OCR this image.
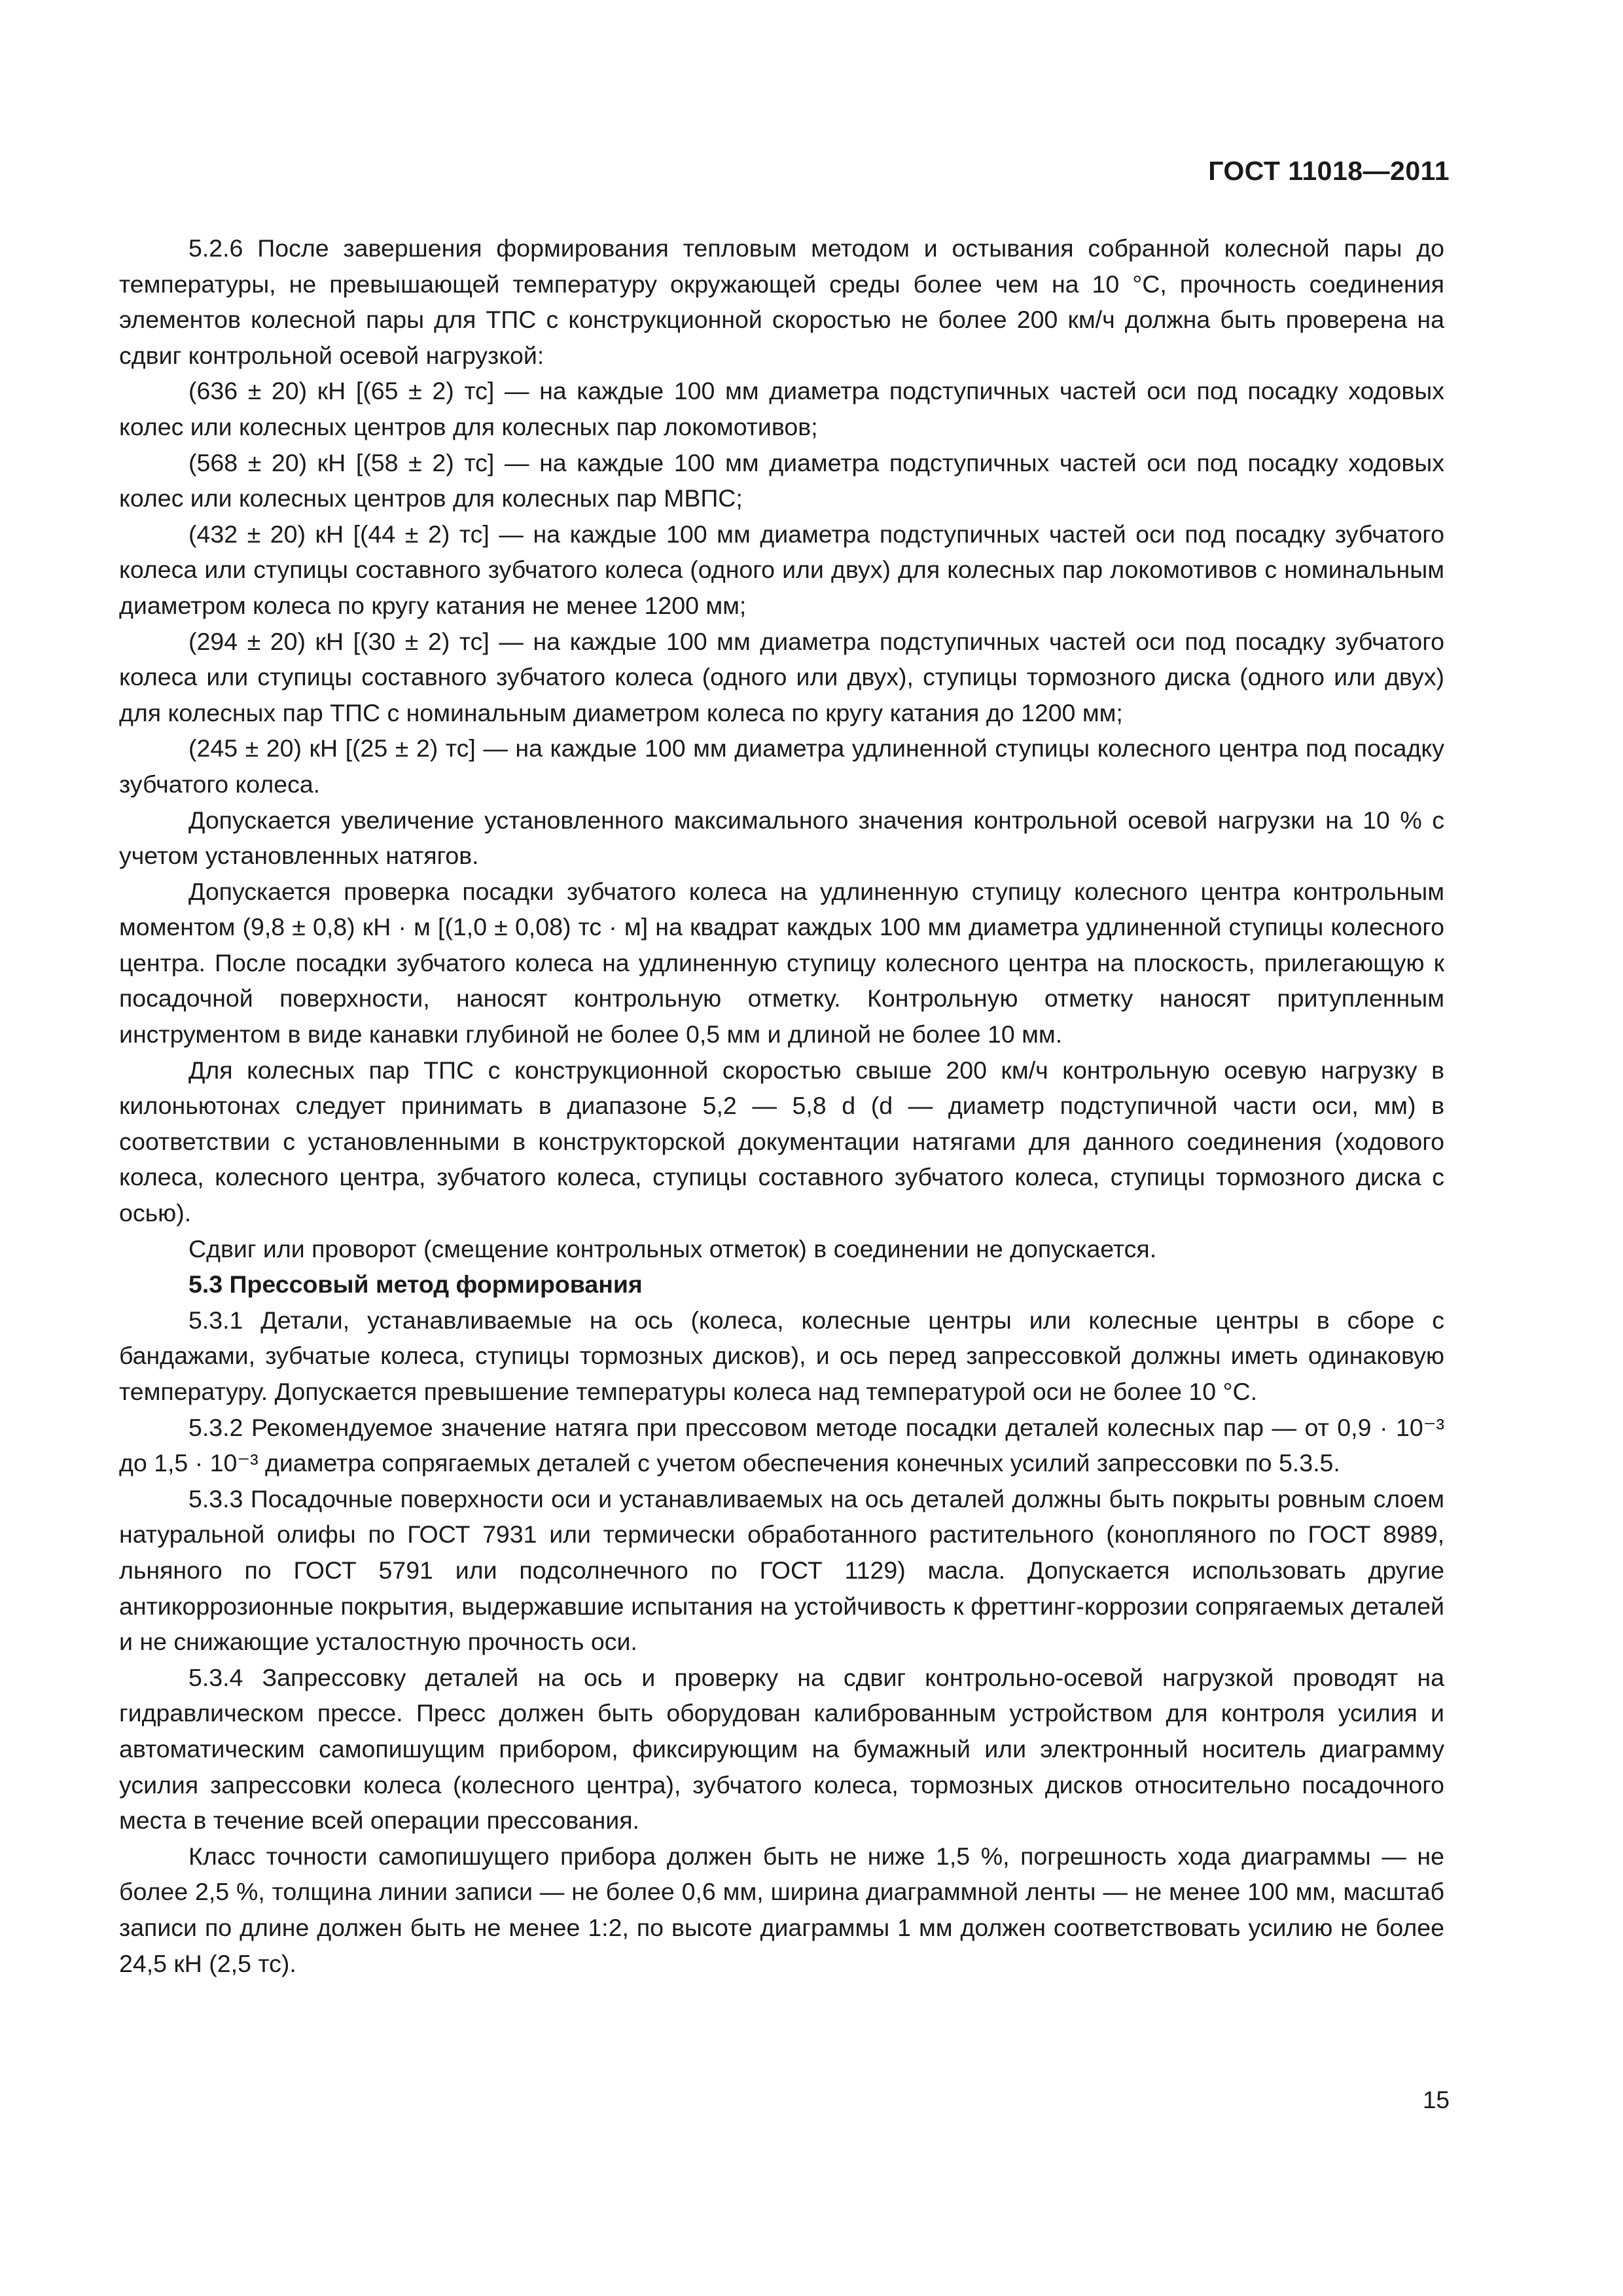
ГОСТ 11018—2011

5.2.6 После завершения формирования тепловым методом и остывания собранной колесной пары до температуры, не превышающей температуру окружающей среды более чем на 10 °С, прочность соединения элементов колесной пары для ТПС с конструкционной скоростью не более 200 км/ч должна быть проверена на сдвиг контрольной осевой нагрузкой:

(636 ± 20) кН [(65 ± 2) тс] — на каждые 100 мм диаметра подступичных частей оси под посадку ходовых колес или колесных центров для колесных пар локомотивов;

(568 ± 20) кН [(58 ± 2) тс] — на каждые 100 мм диаметра подступичных частей оси под посадку ходовых колес или колесных центров для колесных пар МВПС;

(432 ± 20) кН [(44 ± 2) тс] — на каждые 100 мм диаметра подступичных частей оси под посадку зубчатого колеса или ступицы составного зубчатого колеса (одного или двух) для колесных пар локомотивов с номинальным диаметром колеса по кругу катания не менее 1200 мм;

(294 ± 20) кН [(30 ± 2) тс] — на каждые 100 мм диаметра подступичных частей оси под посадку зубчатого колеса или ступицы составного зубчатого колеса (одного или двух), ступицы тормозного диска (одного или двух) для колесных пар ТПС с номинальным диаметром колеса по кругу катания до 1200 мм;

(245 ± 20) кН [(25 ± 2) тс] — на каждые 100 мм диаметра удлиненной ступицы колесного центра под посадку зубчатого колеса.

Допускается увеличение установленного максимального значения контрольной осевой нагрузки на 10 % с учетом установленных натягов.

Допускается проверка посадки зубчатого колеса на удлиненную ступицу колесного центра контрольным моментом (9,8 ± 0,8) кН · м [(1,0 ± 0,08) тс · м] на квадрат каждых 100 мм диаметра удлиненной ступицы колесного центра. После посадки зубчатого колеса на удлиненную ступицу колесного центра на плоскость, прилегающую к посадочной поверхности, наносят контрольную отметку. Контрольную отметку наносят притупленным инструментом в виде канавки глубиной не более 0,5 мм и длиной не более 10 мм.

Для колесных пар ТПС с конструкционной скоростью свыше 200 км/ч контрольную осевую нагрузку в килоньютонах следует принимать в диапазоне 5,2 — 5,8 d (d — диаметр подступичной части оси, мм) в соответствии с установленными в конструкторской документации натягами для данного соединения (ходового колеса, колесного центра, зубчатого колеса, ступицы составного зубчатого колеса, ступицы тормозного диска с осью).

Сдвиг или проворот (смещение контрольных отметок) в соединении не допускается.

5.3 Прессовый метод формирования

5.3.1 Детали, устанавливаемые на ось (колеса, колесные центры или колесные центры в сборе с бандажами, зубчатые колеса, ступицы тормозных дисков), и ось перед запрессовкой должны иметь одинаковую температуру. Допускается превышение температуры колеса над температурой оси не более 10 °С.

5.3.2 Рекомендуемое значение натяга при прессовом методе посадки деталей колесных пар — от 0,9 · 10⁻³ до 1,5 · 10⁻³ диаметра сопрягаемых деталей с учетом обеспечения конечных усилий запрессовки по 5.3.5.

5.3.3 Посадочные поверхности оси и устанавливаемых на ось деталей должны быть покрыты ровным слоем натуральной олифы по ГОСТ 7931 или термически обработанного растительного (конопляного по ГОСТ 8989, льняного по ГОСТ 5791 или подсолнечного по ГОСТ 1129) масла. Допускается использовать другие антикоррозионные покрытия, выдержавшие испытания на устойчивость к фреттинг-коррозии сопрягаемых деталей и не снижающие усталостную прочность оси.

5.3.4 Запрессовку деталей на ось и проверку на сдвиг контрольно-осевой нагрузкой проводят на гидравлическом прессе. Пресс должен быть оборудован калиброванным устройством для контроля усилия и автоматическим самопишущим прибором, фиксирующим на бумажный или электронный носитель диаграмму усилия запрессовки колеса (колесного центра), зубчатого колеса, тормозных дисков относительно посадочного места в течение всей операции прессования.

Класс точности самопишущего прибора должен быть не ниже 1,5 %, погрешность хода диаграммы — не более 2,5 %, толщина линии записи — не более 0,6 мм, ширина диаграммной ленты — не менее 100 мм, масштаб записи по длине должен быть не менее 1:2, по высоте диаграммы 1 мм должен соответствовать усилию не более 24,5 кН (2,5 тс).

15
